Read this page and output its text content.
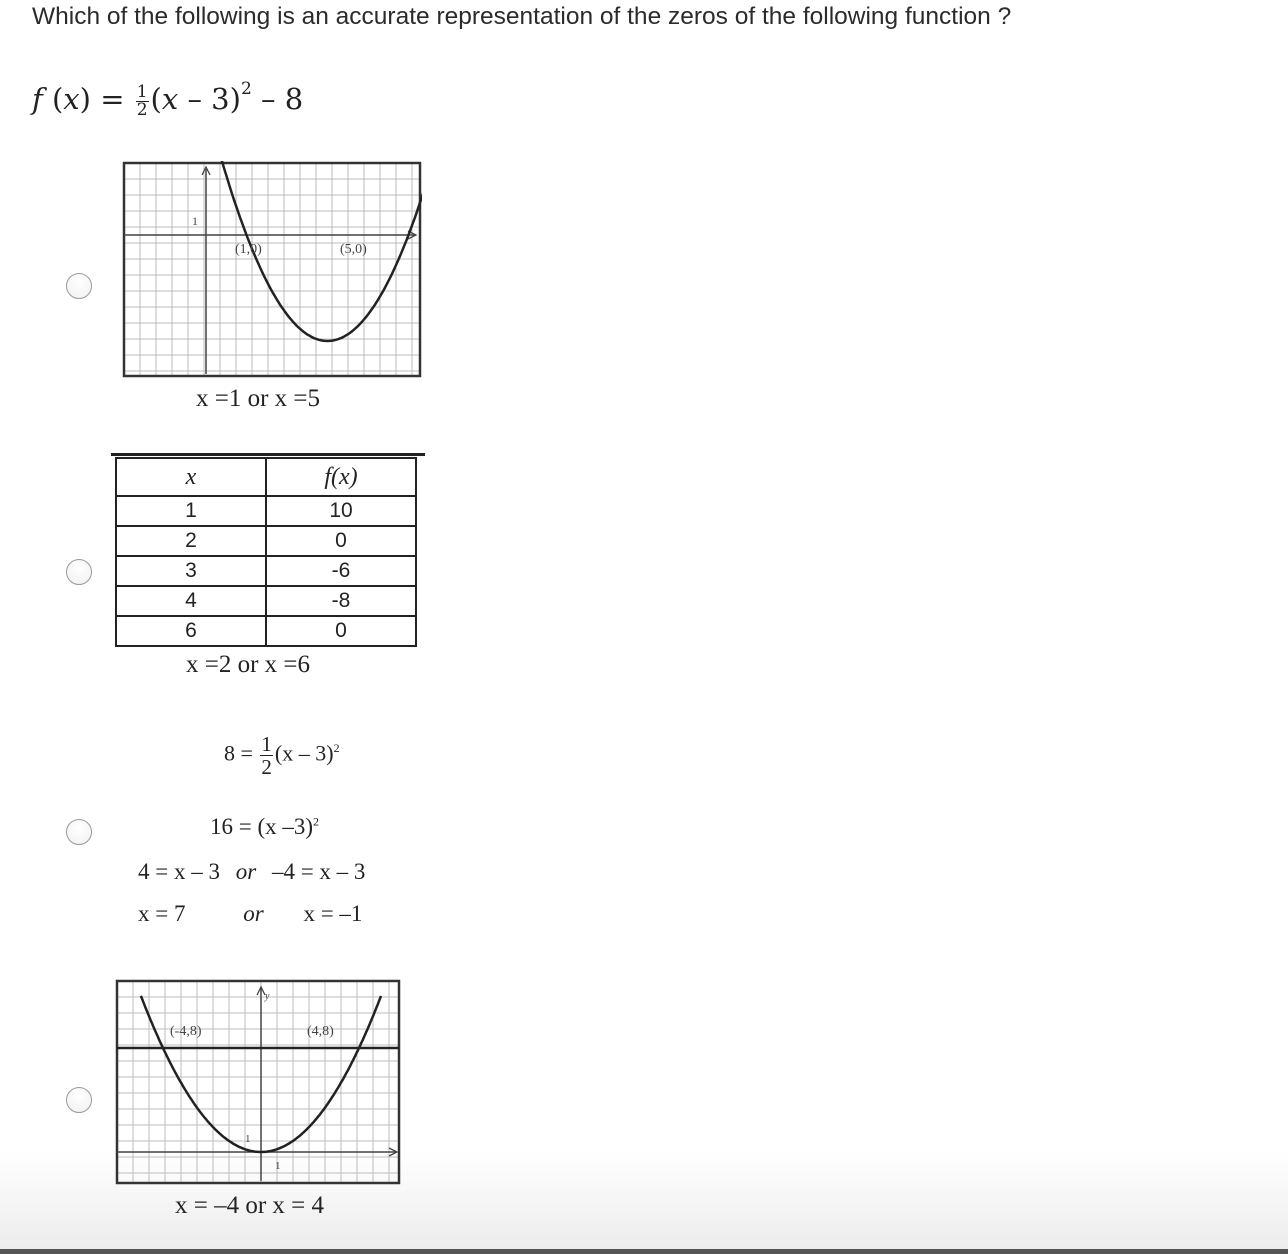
Which of the following is an accurate representation of the zeros of the following function ?
f $(x) = \frac{1}{2} (x - 3)^2 - 8$
1
(1,0)	(5,0)
x =1 or x =5
x	f(x)
1	10
2	0
3	-6
4	-8
6	0
x =2 or x =6
$8 = \frac{1}{2} (x - 3)^2$
16 = (x –3)$^2$
4 = x – 3 or –4 = x – 3
x = 7	or x = –1
y
1
1
(-4,8)	(4,8)
x = –4 or x = 4
